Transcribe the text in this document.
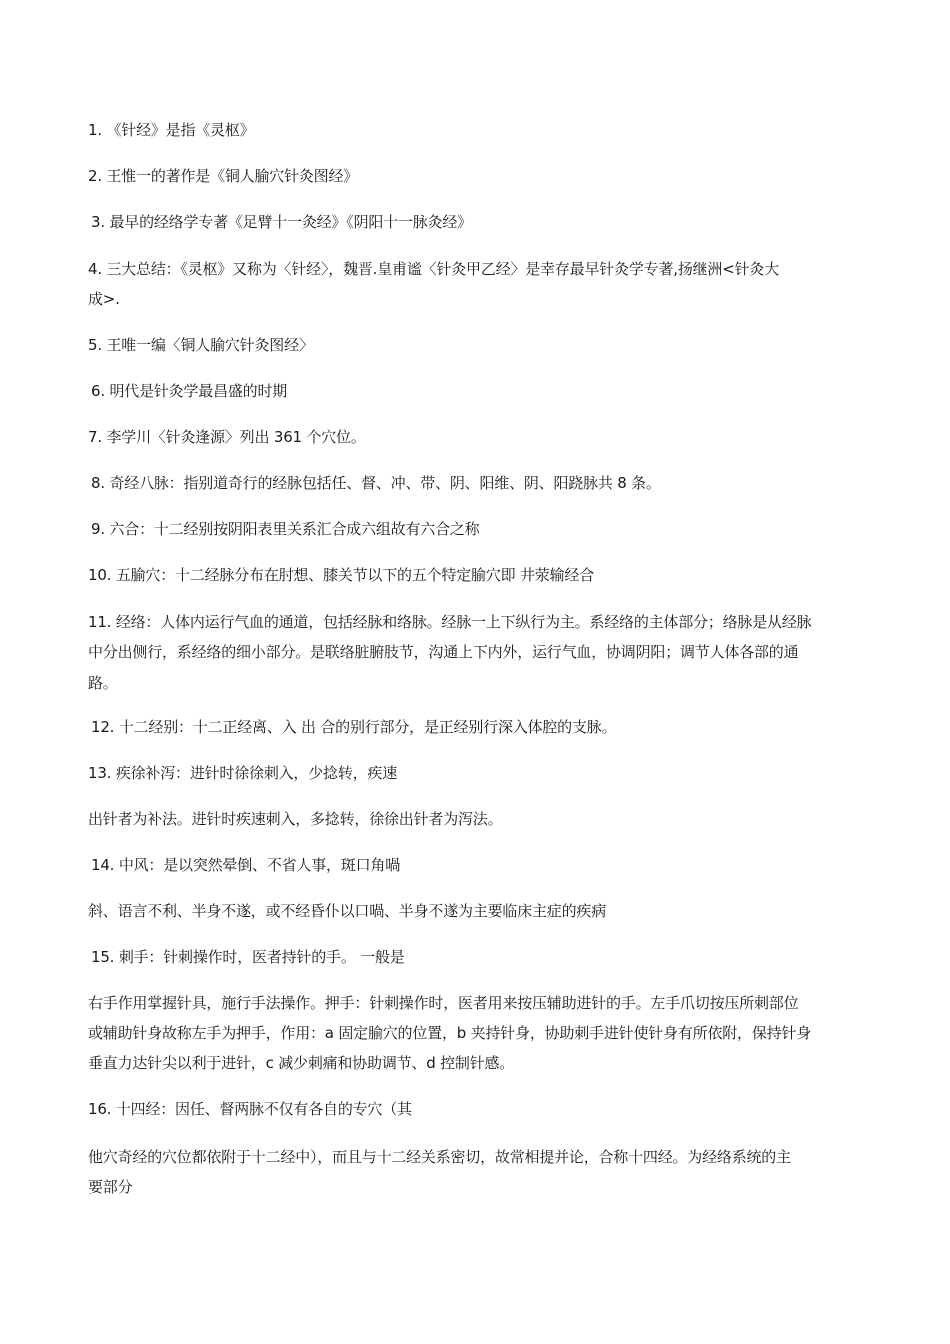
1. 《针经》是指《灵枢》
2. 王惟一的著作是《铜人腧穴针灸图经》
3. 最早的经络学专著《足臂十一灸经》《阴阳十一脉灸经》
4. 三大总结：《灵枢》又称为〈针经〉，魏晋.皇甫谧〈针灸甲乙经〉是幸存最早针灸学专著,扬继洲<针灸大
成>.
5. 王唯一编〈铜人腧穴针灸图经〉
6. 明代是针灸学最昌盛的时期
7. 李学川〈针灸逢源〉列出 361 个穴位。
8. 奇经八脉：指别道奇行的经脉包括任、督、冲、带、阴、阳维、阴、阳跷脉共 8 条。
9. 六合：十二经别按阴阳表里关系汇合成六组故有六合之称
10. 五腧穴：十二经脉分布在肘想、膝关节以下的五个特定腧穴即 井荥输经合
11. 经络：人体内运行气血的通道，包括经脉和络脉。经脉一上下纵行为主。系经络的主体部分；络脉是从经脉
中分出侧行，系经络的细小部分。是联络脏腑肢节，沟通上下内外，运行气血，协调阴阳；调节人体各部的通
路。
12. 十二经别：十二正经离、入 出 合的别行部分，是正经别行深入体腔的支脉。
13. 疾徐补泻：进针时徐徐刺入，少捻转，疾速
出针者为补法。进针时疾速刺入，多捻转，徐徐出针者为泻法。
14. 中风：是以突然晕倒、不省人事，斑口角喎
斜、语言不利、半身不遂，或不经昏仆以口喎、半身不遂为主要临床主症的疾病
15. 刺手：针刺操作时，医者持针的手。 一般是
右手作用掌握针具，施行手法操作。押手：针刺操作时，医者用来按压辅助进针的手。左手爪切按压所刺部位
或辅助针身故称左手为押手，作用：a 固定腧穴的位置，b 夹持针身，协助刺手进针使针身有所依附，保持针身
垂直力达针尖以利于进针，c 减少刺痛和协助调节、d 控制针感。
16. 十四经：因任、督两脉不仅有各自的专穴（其
他穴奇经的穴位都依附于十二经中），而且与十二经关系密切，故常相提并论，合称十四经。为经络系统的主
要部分
